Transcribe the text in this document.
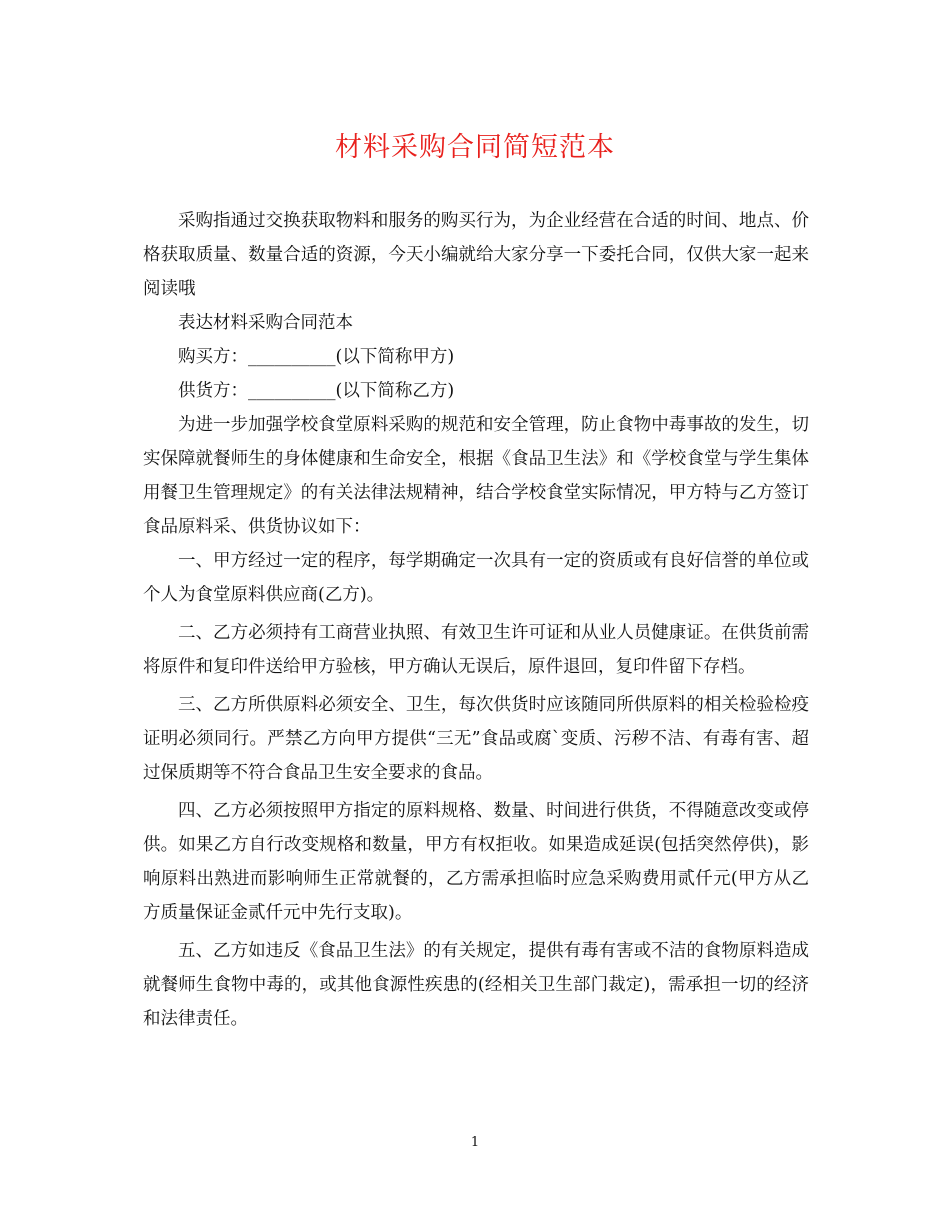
材料采购合同简短范本

采购指通过交换获取物料和服务的购买行为，为企业经营在合适的时间、地点、价格获取质量、数量合适的资源，今天小编就给大家分享一下委托合同，仅供大家一起来阅读哦

表达材料采购合同范本

购买方：__________(以下简称甲方)

供货方：__________(以下简称乙方)

为进一步加强学校食堂原料采购的规范和安全管理，防止食物中毒事故的发生，切实保障就餐师生的身体健康和生命安全，根据《食品卫生法》和《学校食堂与学生集体用餐卫生管理规定》的有关法律法规精神，结合学校食堂实际情况，甲方特与乙方签订食品原料采、供货协议如下：

一、甲方经过一定的程序，每学期确定一次具有一定的资质或有良好信誉的单位或个人为食堂原料供应商(乙方)。

二、乙方必须持有工商营业执照、有效卫生许可证和从业人员健康证。在供货前需将原件和复印件送给甲方验核，甲方确认无误后，原件退回，复印件留下存档。

三、乙方所供原料必须安全、卫生，每次供货时应该随同所供原料的相关检验检疫证明必须同行。严禁乙方向甲方提供“三无”食品或腐`变质、污秽不洁、有毒有害、超过保质期等不符合食品卫生安全要求的食品。

四、乙方必须按照甲方指定的原料规格、数量、时间进行供货，不得随意改变或停供。如果乙方自行改变规格和数量，甲方有权拒收。如果造成延误(包括突然停供)，影响原料出熟进而影响师生正常就餐的，乙方需承担临时应急采购费用贰仟元(甲方从乙方质量保证金贰仟元中先行支取)。

五、乙方如违反《食品卫生法》的有关规定，提供有毒有害或不洁的食物原料造成就餐师生食物中毒的，或其他食源性疾患的(经相关卫生部门裁定)，需承担一切的经济和法律责任。

1
